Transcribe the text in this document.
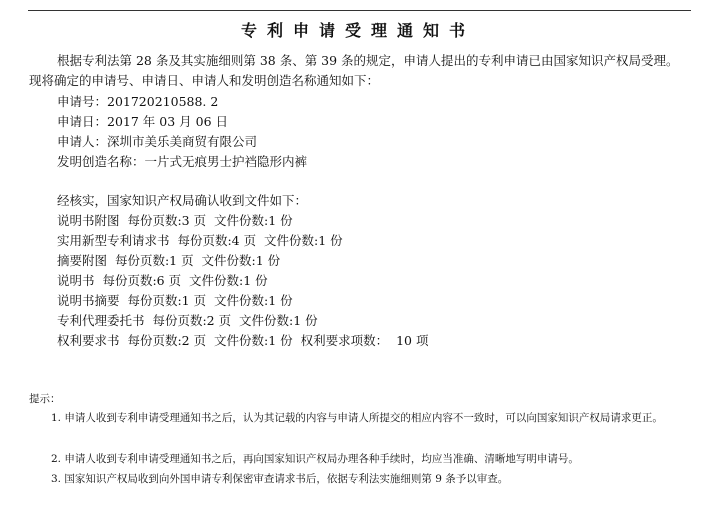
专利申请受理通知书
根据专利法第 28 条及其实施细则第 38 条、第 39 条的规定，申请人提出的专利申请已由国家知识产权局受理。现将确定的申请号、申请日、申请人和发明创造名称通知如下：
申请号：201720210588. 2
申请日：2017 年 03 月 06 日
申请人：深圳市美乐美商贸有限公司
发明创造名称：一片式无痕男士护裆隐形内裤
经核实，国家知识产权局确认收到文件如下：
说明书附图  每份页数:3 页  文件份数:1 份
实用新型专利请求书  每份页数:4 页  文件份数:1 份
摘要附图  每份页数:1 页  文件份数:1 份
说明书  每份页数:6 页  文件份数:1 份
说明书摘要  每份页数:1 页  文件份数:1 份
专利代理委托书  每份页数:2 页  文件份数:1 份
权利要求书  每份页数:2 页  文件份数:1 份  权利要求项数：  10 项
提示：
1. 申请人收到专利申请受理通知书之后，认为其记载的内容与申请人所提交的相应内容不一致时，可以向国家知识产权局请求更正。
2. 申请人收到专利申请受理通知书之后，再向国家知识产权局办理各种手续时，均应当准确、清晰地写明申请号。
3. 国家知识产权局收到向外国申请专利保密审查请求书后，依据专利法实施细则第 9 条予以审查。
